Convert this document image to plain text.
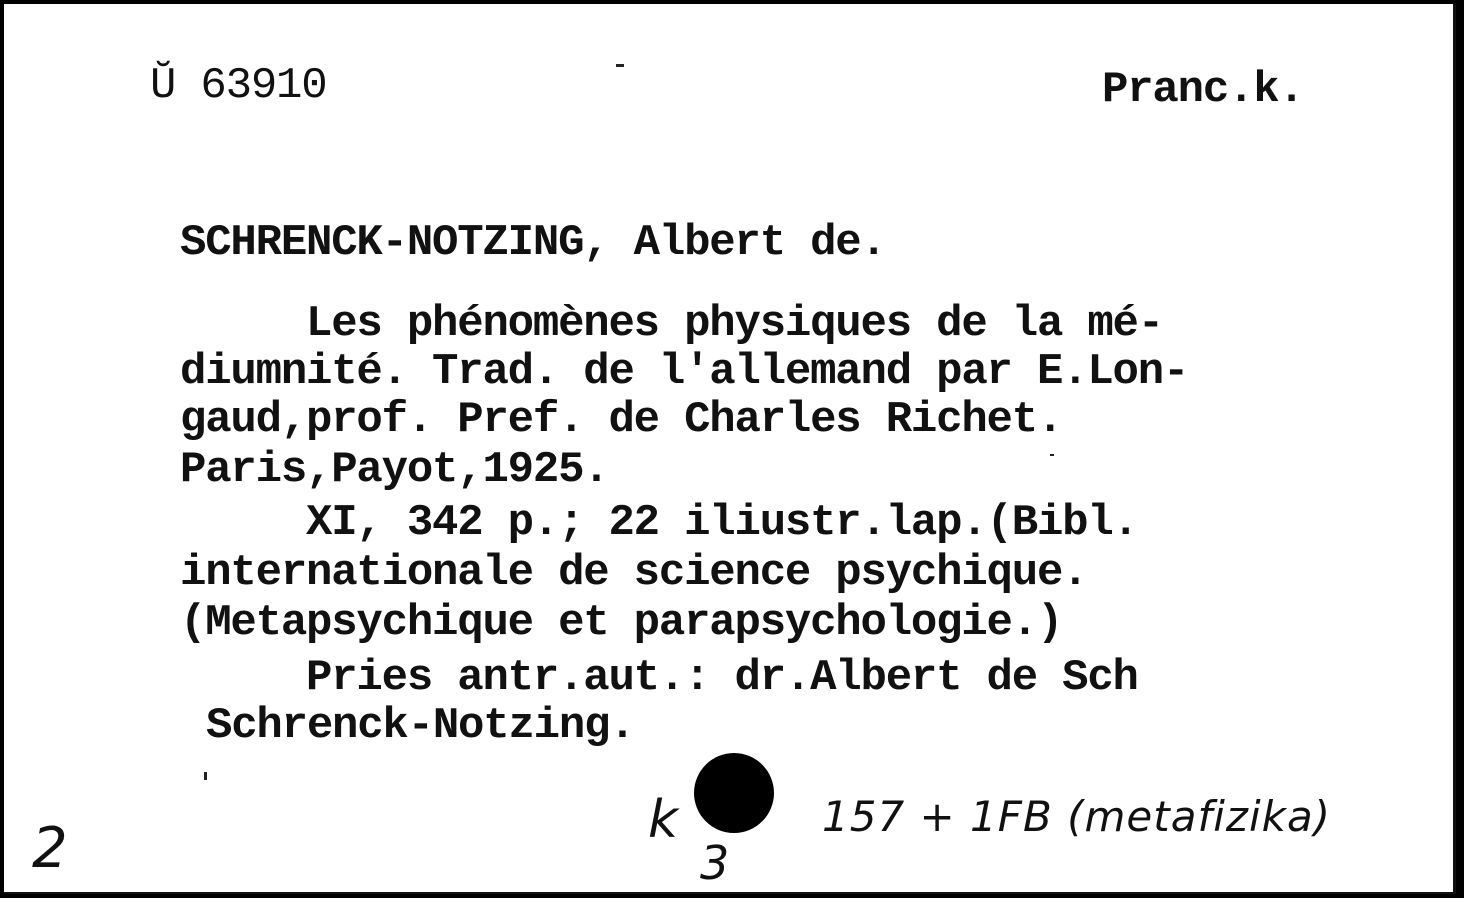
Ŭ 63910	Pranc.k.
SCHRENCK-NOTZING, Albert de.
Les phénomènes physiques de la mé-
diumnité. Trad. de l'allemand par E.Lon-
gaud,prof. Pref. de Charles Richet.
Paris,Payot,1925.
XI, 342 p.; 22 iliustr.lap.(Bibl.
internationale de science psychique.
(Metapsychique et parapsychologie.)
Pries antr.aut.: dr.Albert de Sch
Schrenck-Notzing.
2	k
3
157 + 1FB (metafizika)
